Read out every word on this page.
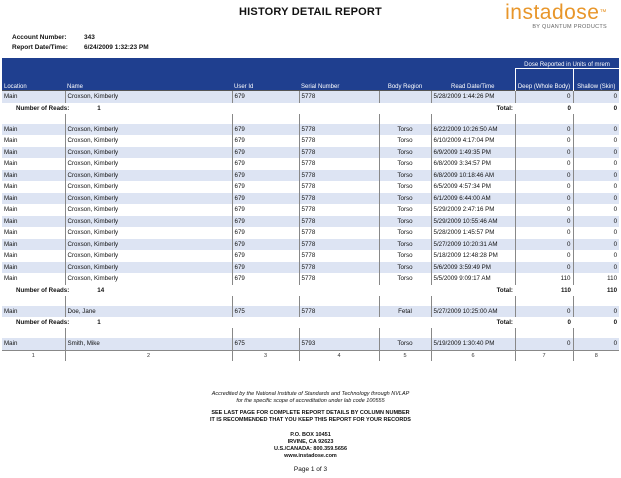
HISTORY DETAIL REPORT	instadose™
BY QUANTUM PRODUCTS
Account Number:	343
Report Date/Time: 6/24/2009 1:32:23 PM
Location	Name	User Id	Serial Number	Body Region	Read Date/Time	Dose Reported in Units of mrem	
						Deep (Whole Body)	Shallow (Skin)
Main	Croxson, Kimberly	679	5778		5/28/2009 1:44:26 PM	0	0
Number of Reads: 1					Total:	0	0

Main	Croxson, Kimberly	679	5778	Torso	6/22/2009 10:26:50 AM	0	0
Main	Croxson, Kimberly	679	5778	Torso	6/10/2009 4:17:04 PM	0	0
Main	Croxson, Kimberly	679	5778	Torso	6/9/2009 1:49:35 PM	0	0
Main	Croxson, Kimberly	679	5778	Torso	6/8/2009 3:34:57 PM	0	0
Main	Croxson, Kimberly	679	5778	Torso	6/8/2009 10:18:46 AM	0	0
Main	Croxson, Kimberly	679	5778	Torso	6/5/2009 4:57:34 PM	0	0
Main	Croxson, Kimberly	679	5778	Torso	6/1/2009 6:44:00 AM	0	0
Main	Croxson, Kimberly	679	5778	Torso	5/29/2009 2:47:16 PM	0	0
Main	Croxson, Kimberly	679	5778	Torso	5/29/2009 10:55:46 AM	0	0
Main	Croxson, Kimberly	679	5778	Torso	5/28/2009 1:45:57 PM	0	0
Main	Croxson, Kimberly	679	5778	Torso	5/27/2009 10:20:31 AM	0	0
Main	Croxson, Kimberly	679	5778	Torso	5/18/2009 12:48:28 PM	0	0
Main	Croxson, Kimberly	679	5778	Torso	5/6/2009 3:59:49 PM	0	0
Main	Croxson, Kimberly	679	5778	Torso	5/5/2009 9:09:17 AM	110	110
Number of Reads: 14					Total:	110	110

Main	Doe, Jane	675	5778	Fetal	5/27/2009 10:25:00 AM	0	0
Number of Reads: 1					Total:	0	0

Main	Smith, Mike	675	5793	Torso	5/19/2009 1:30:40 PM	0	0
1	2	3	4	5	6	7	8
Accredited by the National Institute of Standards and Technology through NVLAP
for the specific scope of accreditation under lab code 100555
SEE LAST PAGE FOR COMPLETE REPORT DETAILS BY COLUMN NUMBER
IT IS RECOMMENDED THAT YOU KEEP THIS REPORT FOR YOUR RECORDS
P.O. BOX 10451
IRVINE, CA 92623
U.S./CANADA: 800.359.5656
www.instadose.com
Page 1 of 3
